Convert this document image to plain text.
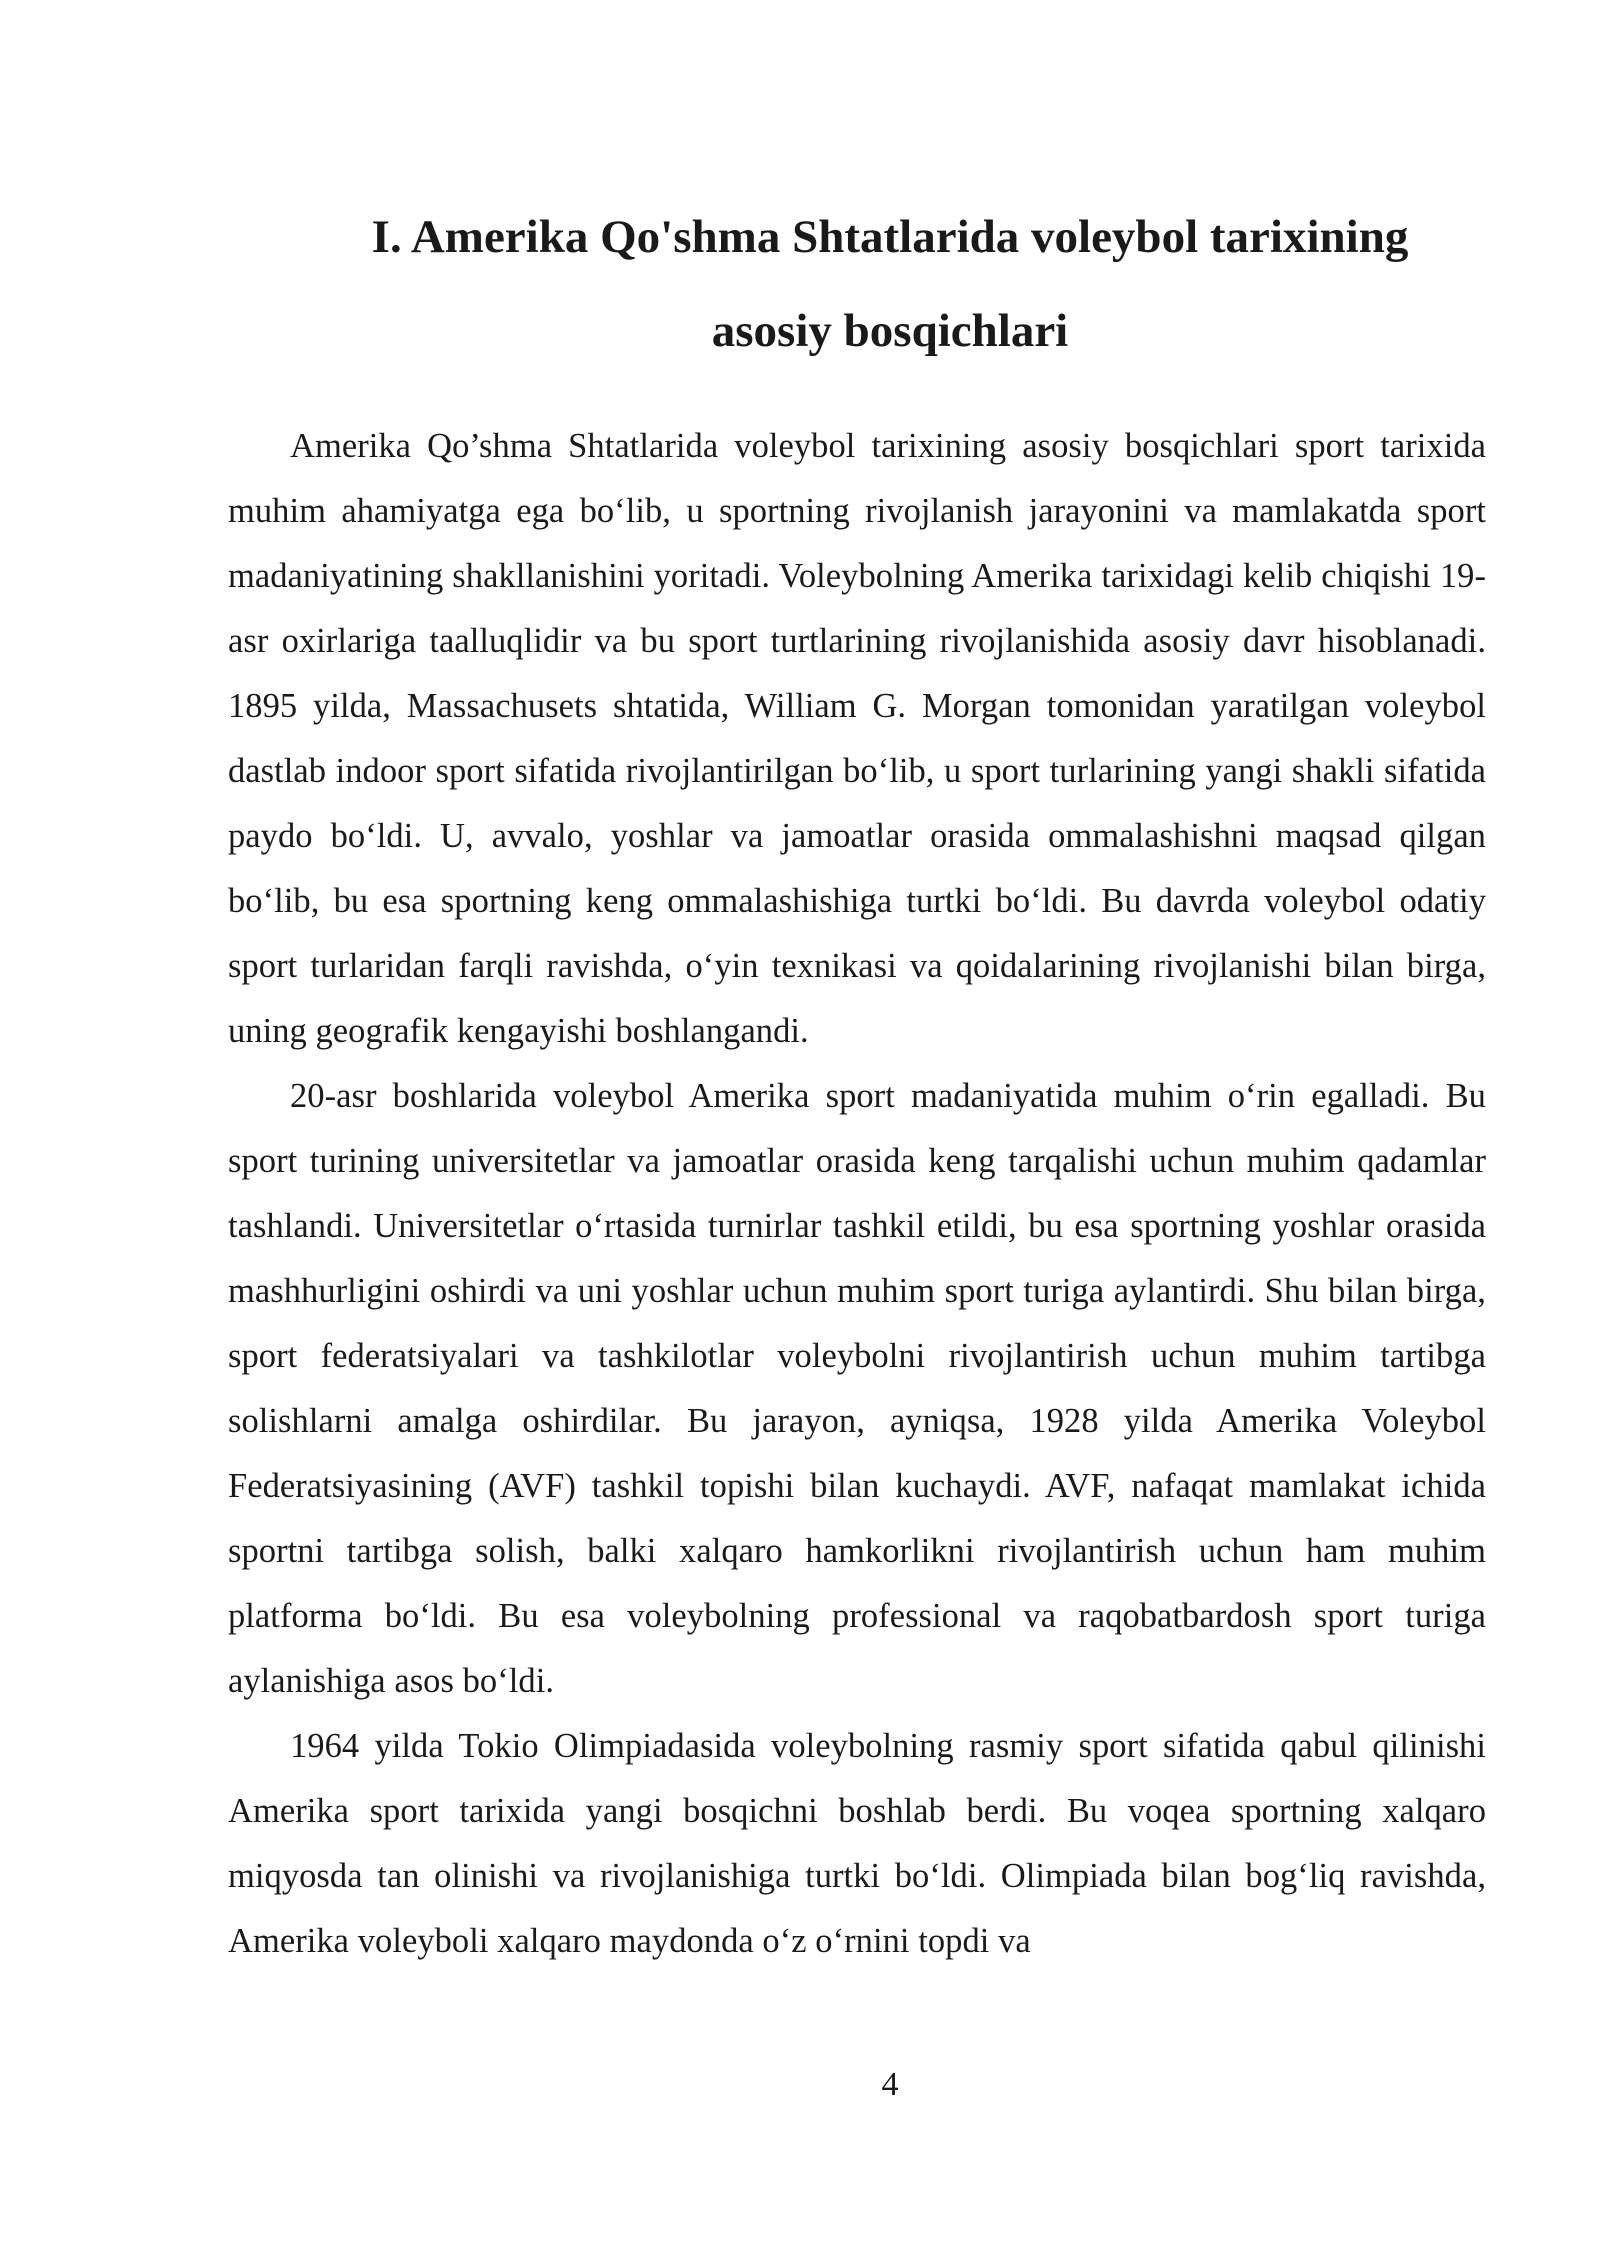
I. Amerika Qo'shma Shtatlarida voleybol tarixining
asosiy bosqichlari

Amerika Qo’shma Shtatlarida voleybol tarixining asosiy bosqichlari sport tarixida muhim ahamiyatga ega bo‘lib, u sportning rivojlanish jarayonini va mamlakatda sport madaniyatining shakllanishini yoritadi. Voleybolning Amerika tarixidagi kelib chiqishi 19-asr oxirlariga taalluqlidir va bu sport turtlarining rivojlanishida asosiy davr hisoblanadi. 1895 yilda, Massachusets shtatida, William G. Morgan tomonidan yaratilgan voleybol dastlab indoor sport sifatida rivojlantirilgan bo‘lib, u sport turlarining yangi shakli sifatida paydo bo‘ldi. U, avvalo, yoshlar va jamoatlar orasida ommalashishni maqsad qilgan bo‘lib, bu esa sportning keng ommalashishiga turtki bo‘ldi. Bu davrda voleybol odatiy sport turlaridan farqli ravishda, o‘yin texnikasi va qoidalarining rivojlanishi bilan birga, uning geografik kengayishi boshlangandi.

20-asr boshlarida voleybol Amerika sport madaniyatida muhim o‘rin egalladi. Bu sport turining universitetlar va jamoatlar orasida keng tarqalishi uchun muhim qadamlar tashlandi. Universitetlar o‘rtasida turnirlar tashkil etildi, bu esa sportning yoshlar orasida mashhurligini oshirdi va uni yoshlar uchun muhim sport turiga aylantirdi. Shu bilan birga, sport federatsiyalari va tashkilotlar voleybolni rivojlantirish uchun muhim tartibga solishlarni amalga oshirdilar. Bu jarayon, ayniqsa, 1928 yilda Amerika Voleybol Federatsiyasining (AVF) tashkil topishi bilan kuchaydi. AVF, nafaqat mamlakat ichida sportni tartibga solish, balki xalqaro hamkorlikni rivojlantirish uchun ham muhim platforma bo‘ldi. Bu esa voleybolning professional va raqobatbardosh sport turiga aylanishiga asos bo‘ldi.

1964 yilda Tokio Olimpiadasida voleybolning rasmiy sport sifatida qabul qilinishi Amerika sport tarixida yangi bosqichni boshlab berdi. Bu voqea sportning xalqaro miqyosda tan olinishi va rivojlanishiga turtki bo‘ldi. Olimpiada bilan bog‘liq ravishda, Amerika voleyboli xalqaro maydonda o‘z o‘rnini topdi va

4
